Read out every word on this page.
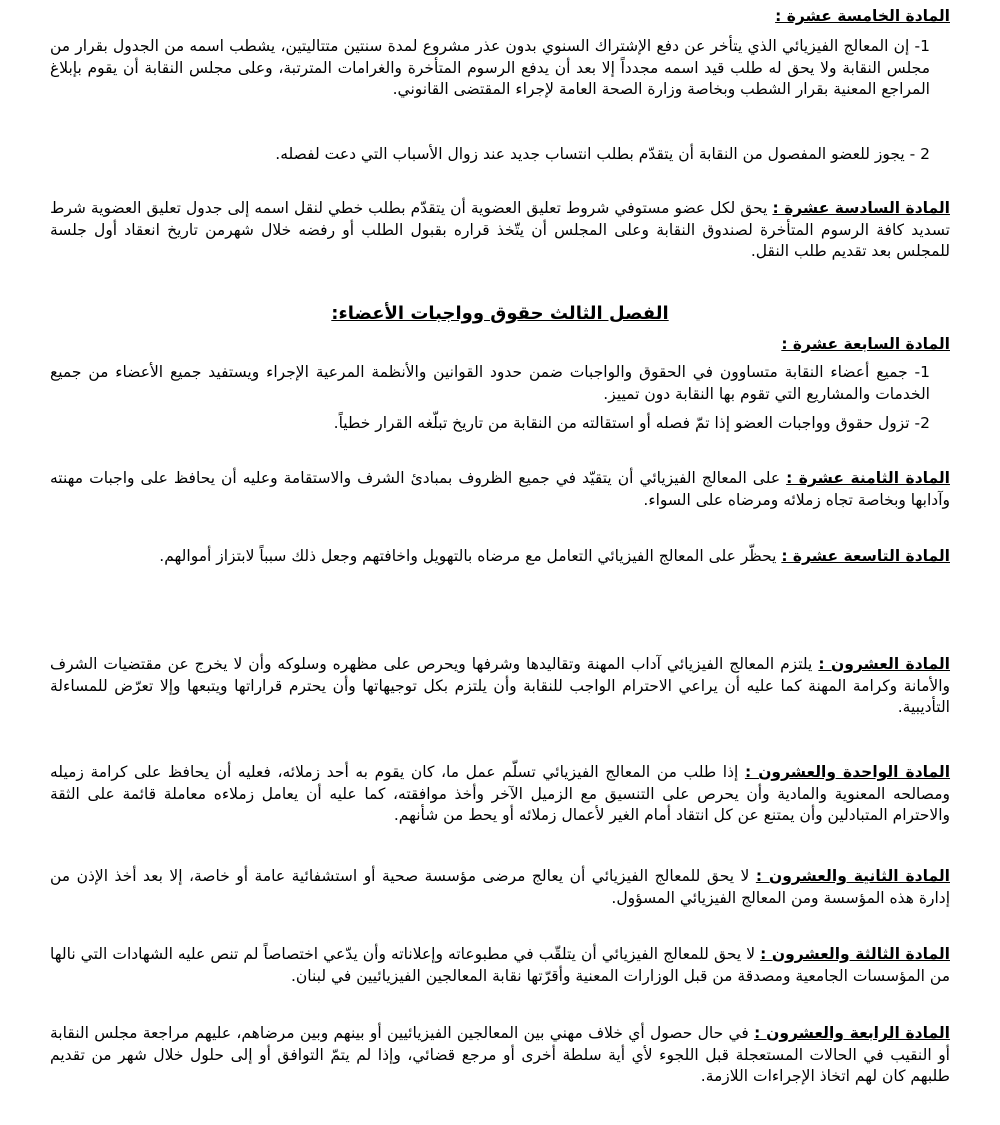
المادة الخامسة عشرة :

1- إن المعالج الفيزيائي الذي يتأخر عن دفع الإشتراك السنوي بدون عذر مشروع لمدة سنتين متتاليتين، يشطب اسمه من الجدول بقرار من مجلس النقابة ولا يحق له طلب قيد اسمه مجدداً إلا بعد أن يدفع الرسوم المتأخرة والغرامات المترتبة، وعلى مجلس النقابة أن يقوم بإبلاغ المراجع المعنية بقرار الشطب وبخاصة وزارة الصحة العامة لإجراء المقتضى القانوني.

2 - يجوز للعضو المفصول من النقابة أن يتقدّم بطلب انتساب جديد عند زوال الأسباب التي دعت لفصله.

المادة السادسة عشرة : يحق لكل عضو مستوفي شروط تعليق العضوية أن يتقدّم بطلب خطي لنقل اسمه إلى جدول تعليق العضوية شرط تسديد كافة الرسوم المتأخرة لصندوق النقابة وعلى المجلس أن يتّخذ قراره بقبول الطلب أو رفضه خلال شهرمن تاريخ انعقاد أول جلسة للمجلس بعد تقديم طلب النقل.

الفصل الثالث حقوق وواجبات الأعضاء:

المادة السابعة عشرة :

1- جميع أعضاء النقابة متساوون في الحقوق والواجبات ضمن حدود القوانين والأنظمة المرعية الإجراء ويستفيد جميع الأعضاء من جميع الخدمات والمشاريع التي تقوم بها النقابة دون تمييز.

2- تزول حقوق وواجبات العضو إذا تمّ فصله أو استقالته من النقابة من تاريخ تبلّغه القرار خطياً.

المادة الثامنة عشرة : على المعالج الفيزيائي أن يتقيّد في جميع الظروف بمبادئ الشرف والاستقامة وعليه أن يحافظ على واجبات مهنته وآدابها وبخاصة تجاه زملائه ومرضاه على السواء.

المادة التاسعة عشرة : يحظّر على المعالج الفيزيائي التعامل مع مرضاه بالتهويل واخافتهم وجعل ذلك سبباً لابتزاز أموالهم.

المادة العشرون : يلتزم المعالج الفيزيائي آداب المهنة وتقاليدها وشرفها ويحرص على مظهره وسلوكه وأن لا يخرج عن مقتضيات الشرف والأمانة وكرامة المهنة كما عليه أن يراعي الاحترام الواجب للنقابة وأن يلتزم بكل توجيهاتها وأن يحترم قراراتها ويتبعها وإلا تعرّض للمساءلة التأديبية.

المادة الواحدة والعشرون : إذا طلب من المعالج الفيزيائي تسلّم عمل ما، كان يقوم به أحد زملائه، فعليه أن يحافظ على كرامة زميله ومصالحه المعنوية والمادية وأن يحرص على التنسيق مع الزميل الآخر وأخذ موافقته، كما عليه أن يعامل زملاءه معاملة قائمة على الثقة والاحترام المتبادلين وأن يمتنع عن كل انتقاد أمام الغير لأعمال زملائه أو يحط من شأنهم.

المادة الثانية والعشرون : لا يحق للمعالج الفيزيائي أن يعالج مرضى مؤسسة صحية أو استشفائية عامة أو خاصة، إلا بعد أخذ الإذن من إدارة هذه المؤسسة ومن المعالج الفيزيائي المسؤول.

المادة الثالثة والعشرون : لا يحق للمعالج الفيزيائي أن يتلقّب في مطبوعاته وإعلاناته وأن يدّعي اختصاصاً لم تنص عليه الشهادات التي نالها من المؤسسات الجامعية ومصدقة من قبل الوزارات المعنية وأقرّتها نقابة المعالجين الفيزيائيين في لبنان.

المادة الرابعة والعشرون : في حال حصول أي خلاف مهني بين المعالجين الفيزيائيين أو بينهم وبين مرضاهم، عليهم مراجعة مجلس النقابة أو النقيب في الحالات المستعجلة قبل اللجوء لأي أية سلطة أخرى أو مرجع قضائي، وإذا لم يتمّ التوافق أو إلى حلول خلال شهر من تقديم طلبهم كان لهم اتخاذ الإجراءات اللازمة.
